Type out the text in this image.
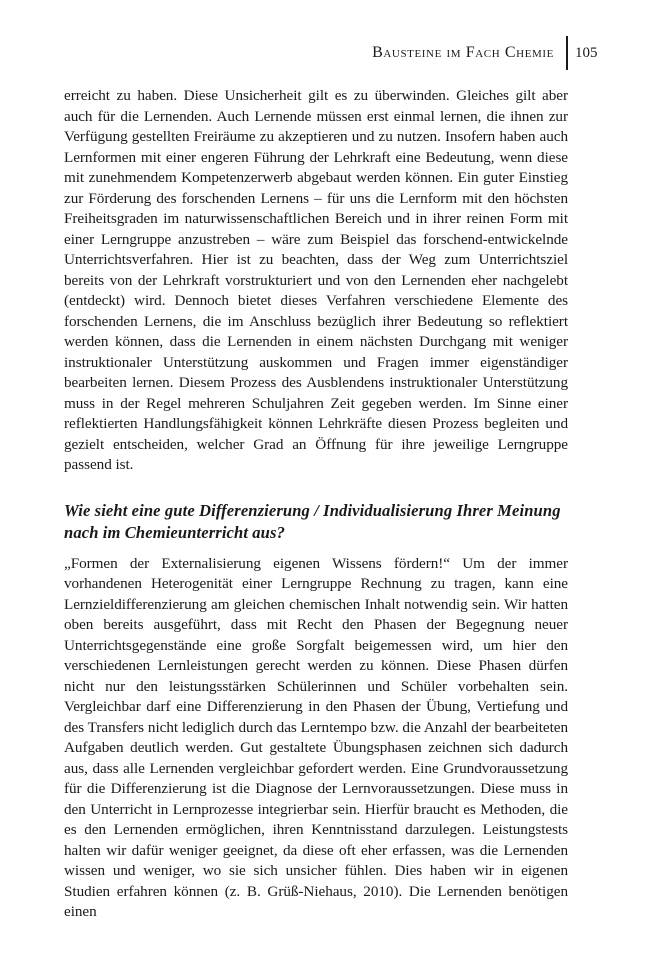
Bausteine im Fach Chemie 105

erreicht zu haben. Diese Unsicherheit gilt es zu überwinden. Gleiches gilt aber auch für die Lernenden. Auch Lernende müssen erst einmal lernen, die ihnen zur Verfügung gestellten Freiräume zu akzeptieren und zu nutzen. Insofern haben auch Lernformen mit einer engeren Führung der Lehrkraft eine Bedeutung, wenn diese mit zunehmendem Kompetenzerwerb abgebaut werden können. Ein guter Einstieg zur Förderung des forschenden Lernens – für uns die Lernform mit den höchsten Freiheitsgraden im naturwissenschaftlichen Bereich und in ihrer reinen Form mit einer Lerngruppe anzustreben – wäre zum Beispiel das forschend-entwickelnde Unterrichtsverfahren. Hier ist zu beachten, dass der Weg zum Unterrichtsziel bereits von der Lehrkraft vorstrukturiert und von den Lernenden eher nachgelebt (entdeckt) wird. Dennoch bietet dieses Verfahren verschiedene Elemente des forschenden Lernens, die im Anschluss bezüglich ihrer Bedeutung so reflektiert werden können, dass die Lernenden in einem nächsten Durchgang mit weniger instruktionaler Unterstützung auskommen und Fragen immer eigenständiger bearbeiten lernen. Diesem Prozess des Ausblendens instruktionaler Unterstützung muss in der Regel mehreren Schuljahren Zeit gegeben werden. Im Sinne einer reflektierten Handlungsfähigkeit können Lehrkräfte diesen Prozess begleiten und gezielt entscheiden, welcher Grad an Öffnung für ihre jeweilige Lerngruppe passend ist.

Wie sieht eine gute Differenzierung / Individualisierung Ihrer Meinung nach im Chemieunterricht aus?

„Formen der Externalisierung eigenen Wissens fördern!“ Um der immer vorhandenen Heterogenität einer Lerngruppe Rechnung zu tragen, kann eine Lernzieldifferenzierung am gleichen chemischen Inhalt notwendig sein. Wir hatten oben bereits ausgeführt, dass mit Recht den Phasen der Begegnung neuer Unterrichtsgegenstände eine große Sorgfalt beigemessen wird, um hier den verschiedenen Lernleistungen gerecht werden zu können. Diese Phasen dürfen nicht nur den leistungsstärken Schülerinnen und Schüler vorbehalten sein. Vergleichbar darf eine Differenzierung in den Phasen der Übung, Vertiefung und des Transfers nicht lediglich durch das Lerntempo bzw. die Anzahl der bearbeiteten Aufgaben deutlich werden. Gut gestaltete Übungsphasen zeichnen sich dadurch aus, dass alle Lernenden vergleichbar gefordert werden. Eine Grundvoraussetzung für die Differenzierung ist die Diagnose der Lernvoraussetzungen. Diese muss in den Unterricht in Lernprozesse integrierbar sein. Hierfür braucht es Methoden, die es den Lernenden ermöglichen, ihren Kenntnisstand darzulegen. Leistungstests halten wir dafür weniger geeignet, da diese oft eher erfassen, was die Lernenden wissen und weniger, wo sie sich unsicher fühlen. Dies haben wir in eigenen Studien erfahren können (z. B. Grüß-Niehaus, 2010). Die Lernenden benötigen einen
